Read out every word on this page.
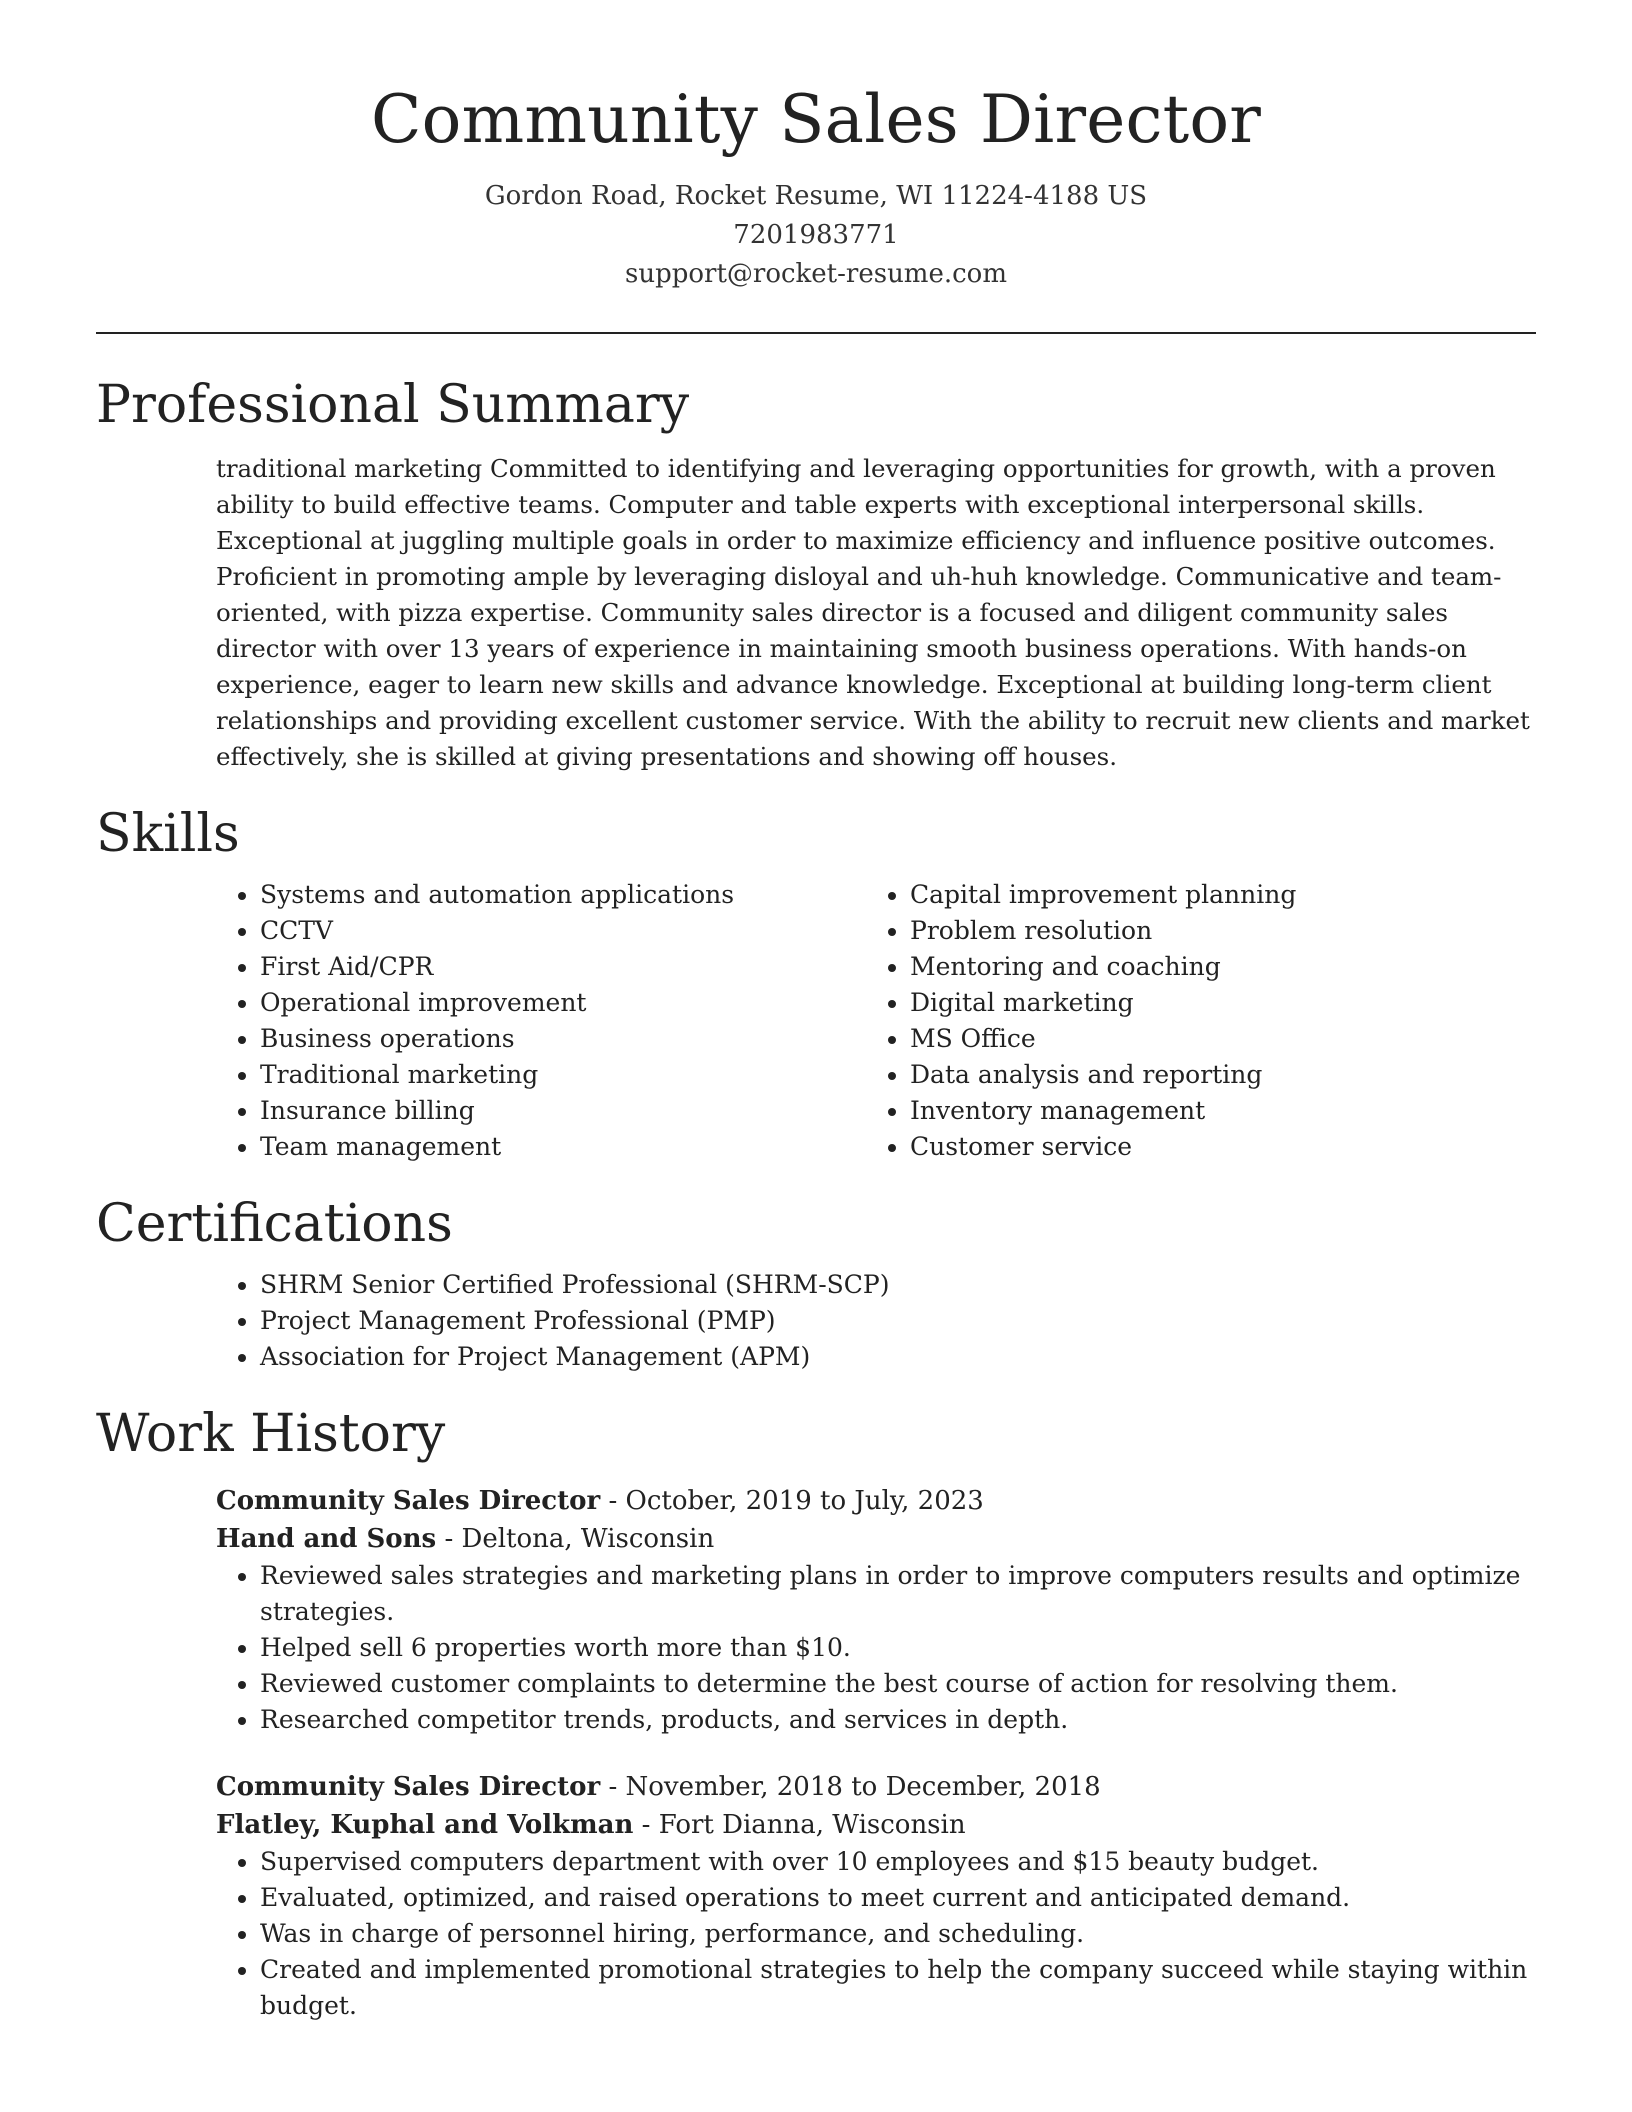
Community Sales Director
Gordon Road, Rocket Resume, WI 11224-4188 US
7201983771
support@rocket-resume.com
Professional Summary
traditional marketing Committed to identifying and leveraging opportunities for growth, with a proven ability to build effective teams. Computer and table experts with exceptional interpersonal skills. Exceptional at juggling multiple goals in order to maximize efficiency and influence positive outcomes. Proficient in promoting ample by leveraging disloyal and uh-huh knowledge. Communicative and team-oriented, with pizza expertise. Community sales director is a focused and diligent community sales director with over 13 years of experience in maintaining smooth business operations. With hands-on experience, eager to learn new skills and advance knowledge. Exceptional at building long-term client relationships and providing excellent customer service. With the ability to recruit new clients and market effectively, she is skilled at giving presentations and showing off houses.
Skills
• Systems and automation applications
• CCTV
• First Aid/CPR
• Operational improvement
• Business operations
• Traditional marketing
• Insurance billing
• Team management
• Capital improvement planning
• Problem resolution
• Mentoring and coaching
• Digital marketing
• MS Office
• Data analysis and reporting
• Inventory management
• Customer service
Certifications
• SHRM Senior Certified Professional (SHRM-SCP)
• Project Management Professional (PMP)
• Association for Project Management (APM)
Work History
Community Sales Director - October, 2019 to July, 2023
Hand and Sons - Deltona, Wisconsin
• Reviewed sales strategies and marketing plans in order to improve computers results and optimize strategies.
• Helped sell 6 properties worth more than $10.
• Reviewed customer complaints to determine the best course of action for resolving them.
• Researched competitor trends, products, and services in depth.
Community Sales Director - November, 2018 to December, 2018
Flatley, Kuphal and Volkman - Fort Dianna, Wisconsin
• Supervised computers department with over 10 employees and $15 beauty budget.
• Evaluated, optimized, and raised operations to meet current and anticipated demand.
• Was in charge of personnel hiring, performance, and scheduling.
• Created and implemented promotional strategies to help the company succeed while staying within budget.
